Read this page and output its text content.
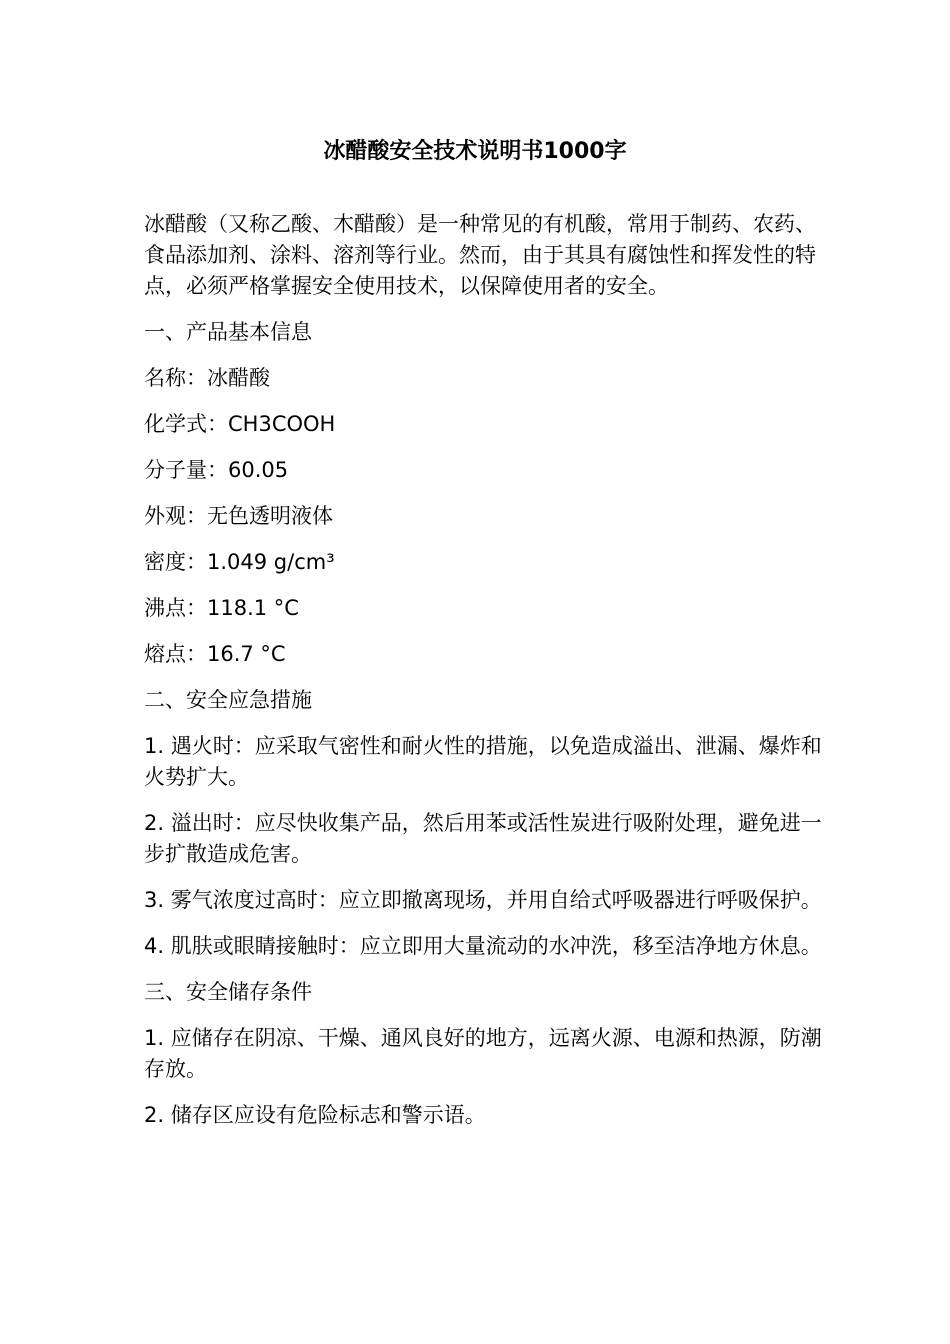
冰醋酸安全技术说明书1000字

冰醋酸（又称乙酸、木醋酸）是一种常见的有机酸，常用于制药、农药、食品添加剂、涂料、溶剂等行业。然而，由于其具有腐蚀性和挥发性的特点，必须严格掌握安全使用技术，以保障使用者的安全。

一、产品基本信息

名称：冰醋酸

化学式：CH3COOH

分子量：60.05

外观：无色透明液体

密度：1.049 g/cm³

沸点：118.1 °C

熔点：16.7 °C

二、安全应急措施

1. 遇火时：应采取气密性和耐火性的措施，以免造成溢出、泄漏、爆炸和火势扩大。

2. 溢出时：应尽快收集产品，然后用苯或活性炭进行吸附处理，避免进一步扩散造成危害。

3. 雾气浓度过高时：应立即撤离现场，并用自给式呼吸器进行呼吸保护。

4. 肌肤或眼睛接触时：应立即用大量流动的水冲洗，移至洁净地方休息。

三、安全储存条件

1. 应储存在阴凉、干燥、通风良好的地方，远离火源、电源和热源，防潮存放。

2. 储存区应设有危险标志和警示语。
